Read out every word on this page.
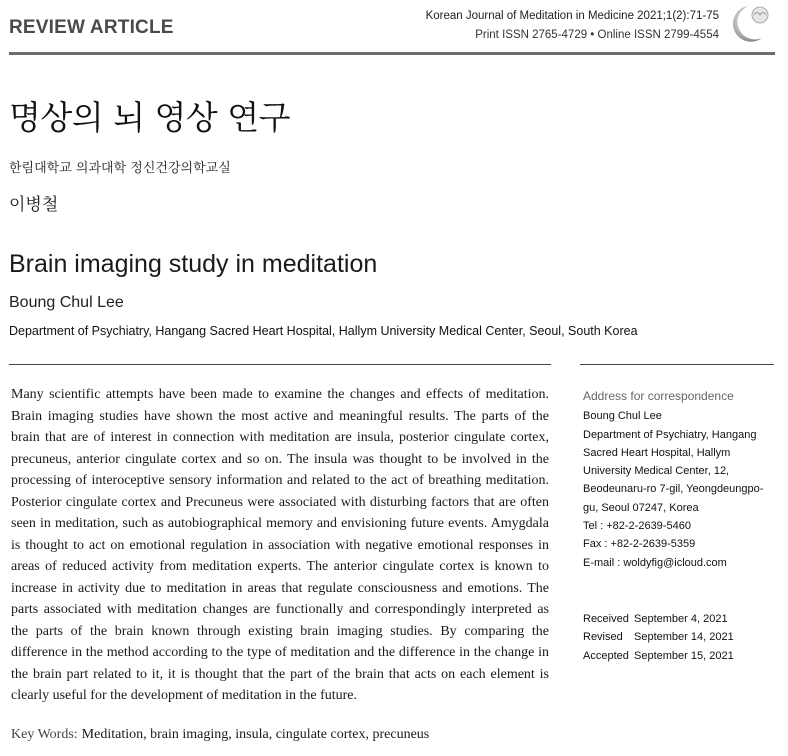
REVIEW ARTICLE
Korean Journal of Meditation in Medicine 2021;1(2):71-75
Print ISSN 2765-4729 • Online ISSN 2799-4554
명상의 뇌 영상 연구
한림대학교 의과대학 정신건강의학교실
이병철
Brain imaging study in meditation
Boung Chul Lee
Department of Psychiatry, Hangang Sacred Heart Hospital, Hallym University Medical Center, Seoul, South Korea
Many scientific attempts have been made to examine the changes and effects of meditation. Brain imaging studies have shown the most active and meaningful results. The parts of the brain that are of interest in connection with meditation are insula, posterior cingulate cortex, precuneus, anterior cingulate cortex and so on. The insula was thought to be involved in the processing of interoceptive sensory information and related to the act of breathing meditation. Posterior cingulate cortex and Precuneus were associated with disturbing factors that are often seen in meditation, such as autobiographical memory and envisioning future events. Amygdala is thought to act on emotional regulation in association with negative emotional responses in areas of reduced activity from meditation experts. The anterior cingulate cortex is known to increase in activity due to meditation in areas that regulate consciousness and emotions. The parts associated with meditation changes are functionally and correspondingly interpreted as the parts of the brain known through existing brain imaging studies. By comparing the difference in the method according to the type of meditation and the difference in the change in the brain part related to it, it is thought that the part of the brain that acts on each element is clearly useful for the development of meditation in the future.
Key Words: Meditation, brain imaging, insula, cingulate cortex, precuneus
Address for correspondence
Boung Chul Lee
Department of Psychiatry, Hangang
Sacred Heart Hospital, Hallym
University Medical Center, 12,
Beodeunaru-ro 7-gil, Yeongdeungpo-
gu, Seoul 07247, Korea
Tel : +82-2-2639-5460
Fax : +82-2-2639-5359
E-mail : woldyfig@icloud.com
Received September 4, 2021
Revised	September 14, 2021
Accepted September 15, 2021
